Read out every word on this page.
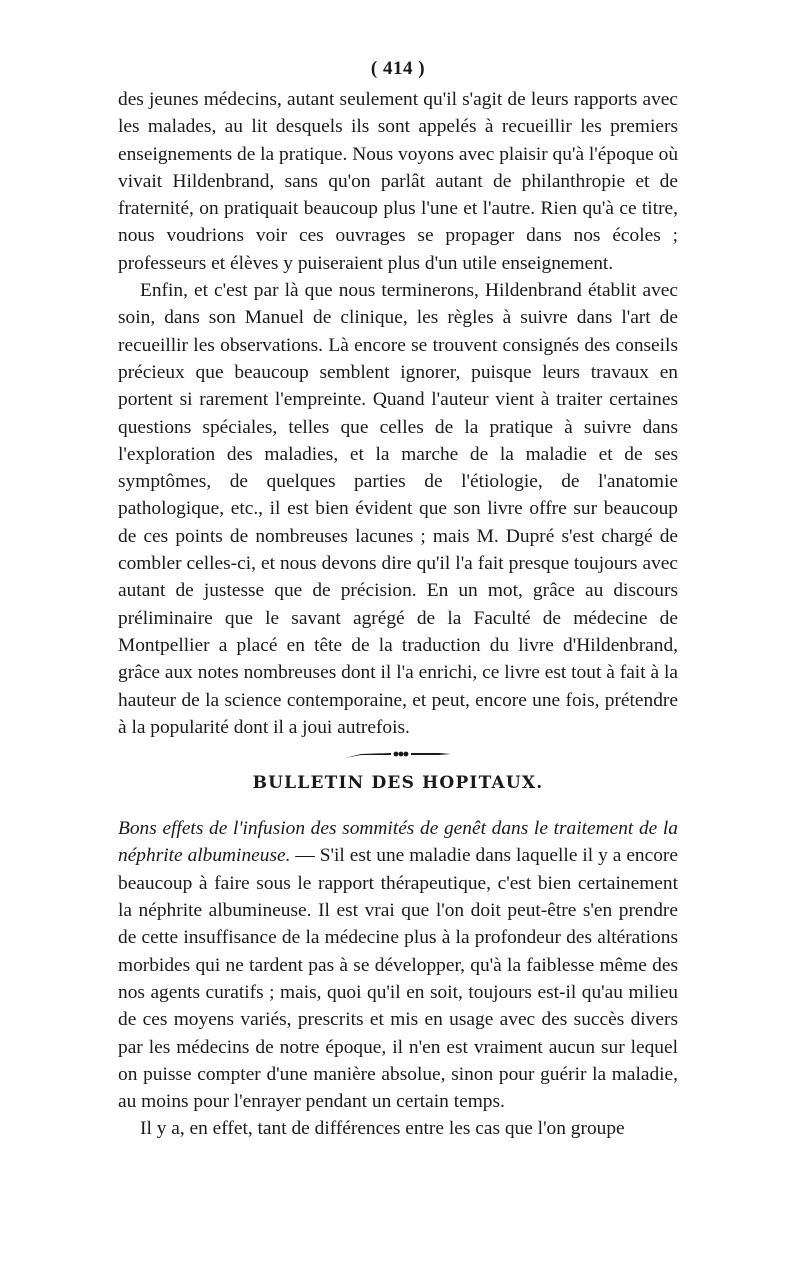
( 414 )

des jeunes médecins, autant seulement qu'il s'agit de leurs rapports avec les malades, au lit desquels ils sont appelés à recueillir les premiers enseignements de la pratique. Nous voyons avec plaisir qu'à l'époque où vivait Hildenbrand, sans qu'on parlât autant de philanthropie et de fraternité, on pratiquait beaucoup plus l'une et l'autre. Rien qu'à ce titre, nous voudrions voir ces ouvrages se propager dans nos écoles ; professeurs et élèves y puiseraient plus d'un utile enseignement.

Enfin, et c'est par là que nous terminerons, Hildenbrand établit avec soin, dans son Manuel de clinique, les règles à suivre dans l'art de recueillir les observations. Là encore se trouvent consignés des conseils précieux que beaucoup semblent ignorer, puisque leurs travaux en portent si rarement l'empreinte. Quand l'auteur vient à traiter certaines questions spéciales, telles que celles de la pratique à suivre dans l'exploration des maladies, et la marche de la maladie et de ses symptômes, de quelques parties de l'étiologie, de l'anatomie pathologique, etc., il est bien évident que son livre offre sur beaucoup de ces points de nombreuses lacunes ; mais M. Dupré s'est chargé de combler celles-ci, et nous devons dire qu'il l'a fait presque toujours avec autant de justesse que de précision. En un mot, grâce au discours préliminaire que le savant agrégé de la Faculté de médecine de Montpellier a placé en tête de la traduction du livre d'Hildenbrand, grâce aux notes nombreuses dont il l'a enrichi, ce livre est tout à fait à la hauteur de la science contemporaine, et peut, encore une fois, prétendre à la popularité dont il a joui autrefois.

BULLETIN DES HOPITAUX.

Bons effets de l'infusion des sommités de genêt dans le traitement de la néphrite albumineuse. — S'il est une maladie dans laquelle il y a encore beaucoup à faire sous le rapport thérapeutique, c'est bien certainement la néphrite albumineuse. Il est vrai que l'on doit peut-être s'en prendre de cette insuffisance de la médecine plus à la profondeur des altérations morbides qui ne tardent pas à se développer, qu'à la faiblesse même des nos agents curatifs ; mais, quoi qu'il en soit, toujours est-il qu'au milieu de ces moyens variés, prescrits et mis en usage avec des succès divers par les médecins de notre époque, il n'en est vraiment aucun sur lequel on puisse compter d'une manière absolue, sinon pour guérir la maladie, au moins pour l'enrayer pendant un certain temps.

Il y a, en effet, tant de différences entre les cas que l'on groupe
